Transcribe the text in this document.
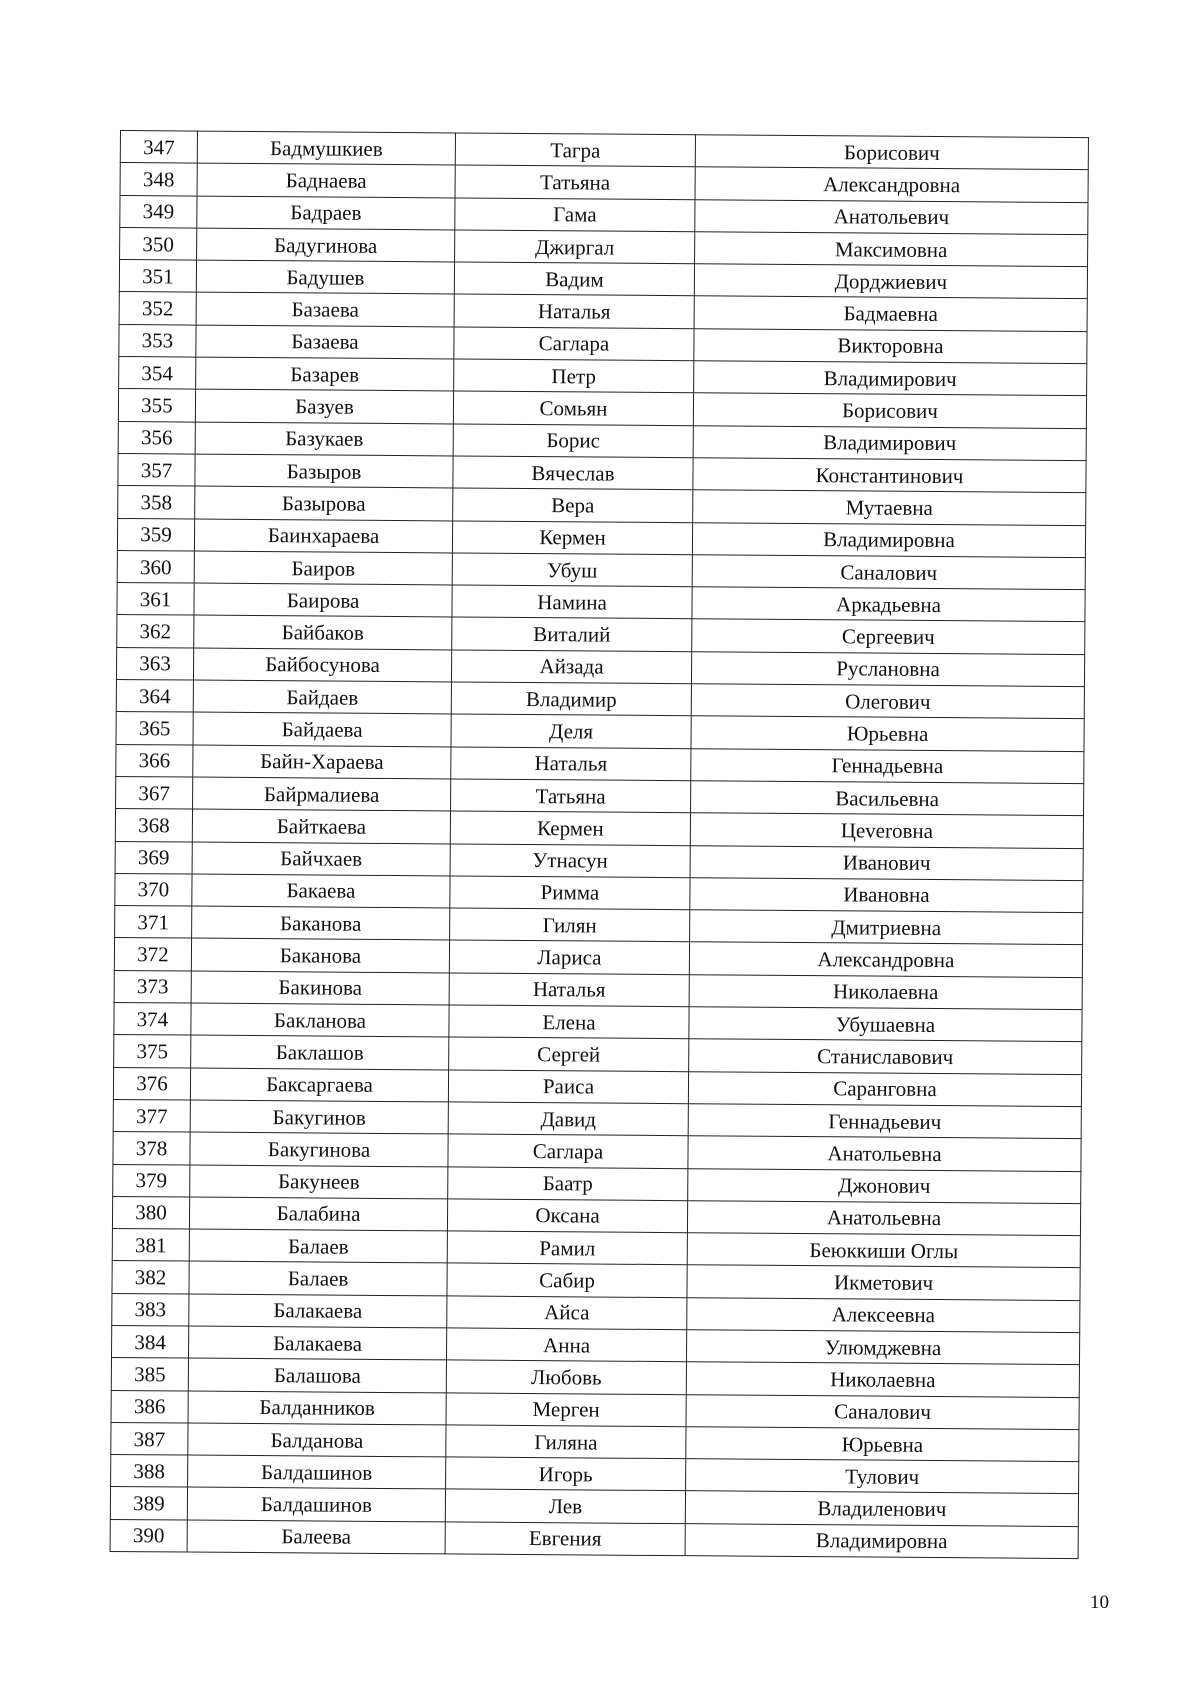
347	Бадмушкиев	Тагра	Борисович
348	Баднаева	Татьяна	Александровна
349	Бадраев	Гама	Анатольевич
350	Бадугинова	Джиргал	Максимовна
351	Бадушев	Вадим	Дорджиевич
352	Базаева	Наталья	Бадмаевна
353	Базаева	Саглара	Викторовна
354	Базарев	Петр	Владимирович
355	Базуев	Сомьян	Борисович
356	Базукаев	Борис	Владимирович
357	Базыров	Вячеслав	Константинович
358	Базырова	Вера	Мутаевна
359	Баинхараева	Кермен	Владимировна
360	Баиров	Убуш	Саналович
361	Баирова	Намина	Аркадьевна
362	Байбаков	Виталий	Сергеевич
363	Байбосунова	Айзада	Руслановна
364	Байдаев	Владимир	Олегович
365	Байдаева	Деля	Юрьевна
366	Байн-Хараева	Наталья	Геннадьевна
367	Байрмалиева	Татьяна	Васильевна
368	Байткаева	Кермен	Цеverовна
369	Байчхаев	Утнасун	Иванович
370	Бакаева	Римма	Ивановна
371	Баканова	Гилян	Дмитриевна
372	Баканова	Лариса	Александровна
373	Бакинова	Наталья	Николаевна
374	Бакланова	Елена	Убушаевна
375	Баклашов	Сергей	Станиславович
376	Баксаргаева	Раиса	Саранговна
377	Бакугинов	Давид	Геннадьевич
378	Бакугинова	Саглара	Анатольевна
379	Бакунеев	Баатр	Джонович
380	Балабина	Оксана	Анатольевна
381	Балаев	Рамил	Беюккиши Оглы
382	Балаев	Сабир	Икметович
383	Балакаева	Айса	Алексеевна
384	Балакаева	Анна	Улюмджевна
385	Балашова	Любовь	Николаевна
386	Балданников	Мерген	Саналович
387	Балданова	Гиляна	Юрьевна
388	Балдашинов	Игорь	Тулович
389	Балдашинов	Лев	Владиленович
390	Балеева	Евгения	Владимировна
10
